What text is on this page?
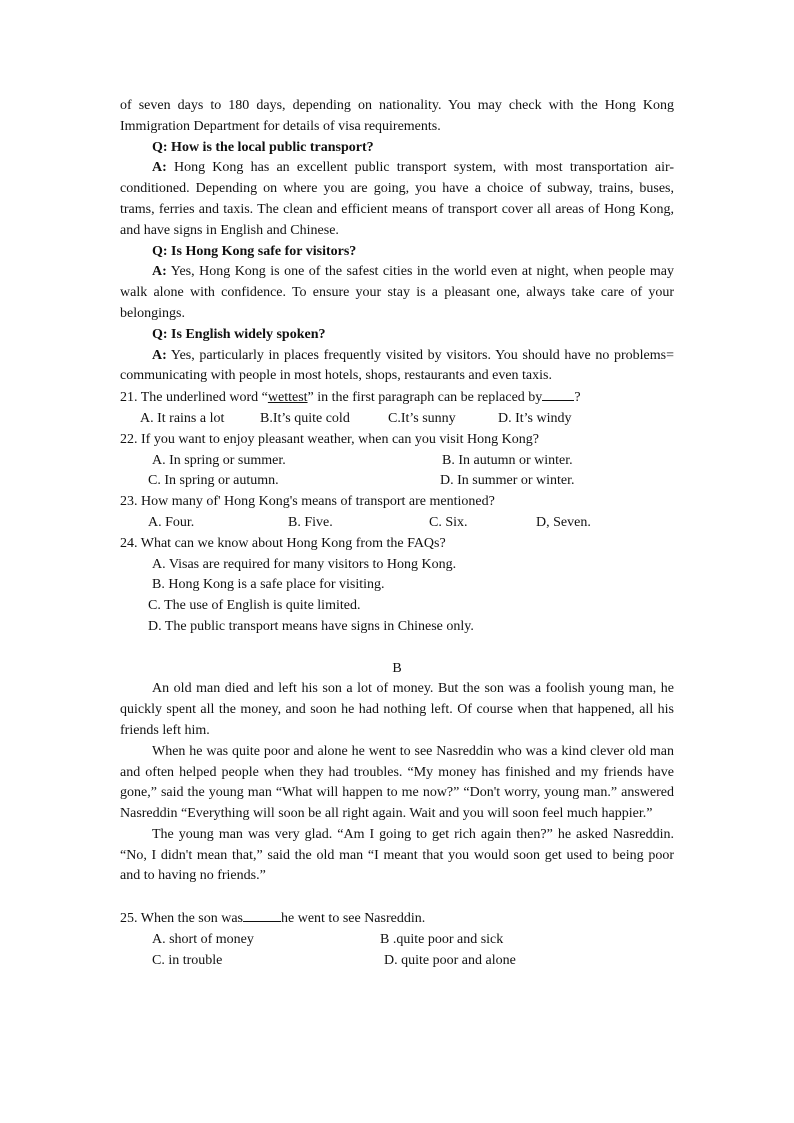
of seven days to 180 days, depending on nationality. You may check with the Hong Kong Immigration Department for details of visa requirements.

Q: How is the local public transport?

A: Hong Kong has an excellent public transport system, with most transportation air-conditioned. Depending on where you are going, you have a choice of subway, trains, buses, trams, ferries and taxis. The clean and efficient means of transport cover all areas of Hong Kong, and have signs in English and Chinese.

Q: Is Hong Kong safe for visitors?

A: Yes, Hong Kong is one of the safest cities in the world even at night, when people may walk alone with confidence. To ensure your stay is a pleasant one, always take care of your belongings.

Q: Is English widely spoken?

A: Yes, particularly in places frequently visited by visitors. You should have no problems= communicating with people in most hotels, shops, restaurants and even taxis.

21. The underlined word “wettest” in the first paragraph can be replaced by ?

A. It rains a lot	B.It’s quite cold	C.It’s sunny	D. It’s windy

22. If you want to enjoy pleasant weather, when can you visit Hong Kong?

A. In spring or summer.	B. In autumn or winter.
C. In spring or autumn.	D. In summer or winter.

23. How many of' Hong Kong's means of transport are mentioned?

A. Four.	B. Five.	C. Six.	D, Seven.

24. What can we know about Hong Kong from the FAQs?

A. Visas are required for many visitors to Hong Kong.

B. Hong Kong is a safe place for visiting.

C. The use of English is quite limited.

D. The public transport means have signs in Chinese only.

B

An old man died and left his son a lot of money. But the son was a foolish young man, he quickly spent all the money, and soon he had nothing left. Of course when that happened, all his friends left him.

When he was quite poor and alone he went to see Nasreddin who was a kind clever old man and often helped people when they had troubles. “My money has finished and my friends have gone,” said the young man “What will happen to me now?” “Don't worry, young man.” answered Nasreddin “Everything will soon be all right again. Wait and you will soon feel much happier.”

The young man was very glad. “Am I going to get rich again then?” he asked Nasreddin. “No, I didn't mean that,” said the old man “I meant that you would soon get used to being poor and to having no friends.”

25. When the son was	he went to see Nasreddin.

A. short of money	B .quite poor and sick
C. in trouble	D. quite poor and alone
